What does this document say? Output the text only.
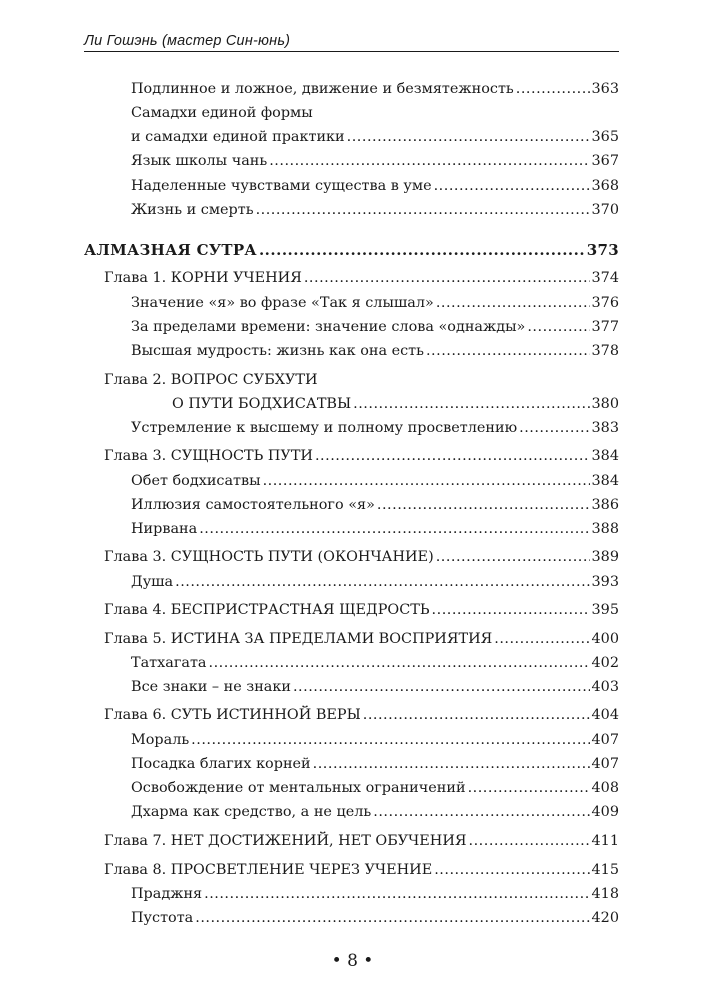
Ли Гошэнь (мастер Син-юнь)
Подлинное и ложное, движение и безмятежность .....	363
Самадхи единой формы
и самадхи единой практики .....	365
Язык школы чань .....	367
Наделенные чувствами существа в уме .....	368
Жизнь и смерть .....	370
АЛМАЗНАЯ СУТРА .....	373
Глава 1. КОРНИ УЧЕНИЯ .....	374
Значение «я» во фразе «Так я слышал» .....	376
За пределами времени: значение слова «однажды» .....	377
Высшая мудрость: жизнь как она есть .....	378
Глава 2. ВОПРОС СУБХУТИ
О ПУТИ БОДХИСАТВЫ .....	380
Устремление к высшему и полному просветлению .....	383
Глава 3. СУЩНОСТЬ ПУТИ .....	384
Обет бодхисатвы .....	384
Иллюзия самостоятельного «я» .....	386
Нирвана .....	388
Глава 3. СУЩНОСТЬ ПУТИ (ОКОНЧАНИЕ) .....	389
Душа .....	393
Глава 4. БЕСПРИСТРАСТНАЯ ЩЕДРОСТЬ .....	395
Глава 5. ИСТИНА ЗА ПРЕДЕЛАМИ ВОСПРИЯТИЯ .....	400
Татхагата .....	402
Все знаки – не знаки .....	403
Глава 6. СУТЬ ИСТИННОЙ ВЕРЫ .....	404
Мораль .....	407
Посадка благих корней .....	407
Освобождение от ментальных ограничений .....	408
Дхарма как средство, а не цель .....	409
Глава 7. НЕТ ДОСТИЖЕНИЙ, НЕТ ОБУЧЕНИЯ .....	411
Глава 8. ПРОСВЕТЛЕНИЕ ЧЕРЕЗ УЧЕНИЕ .....	415
Праджня .....	418
Пустота .....	420
• 8 •
